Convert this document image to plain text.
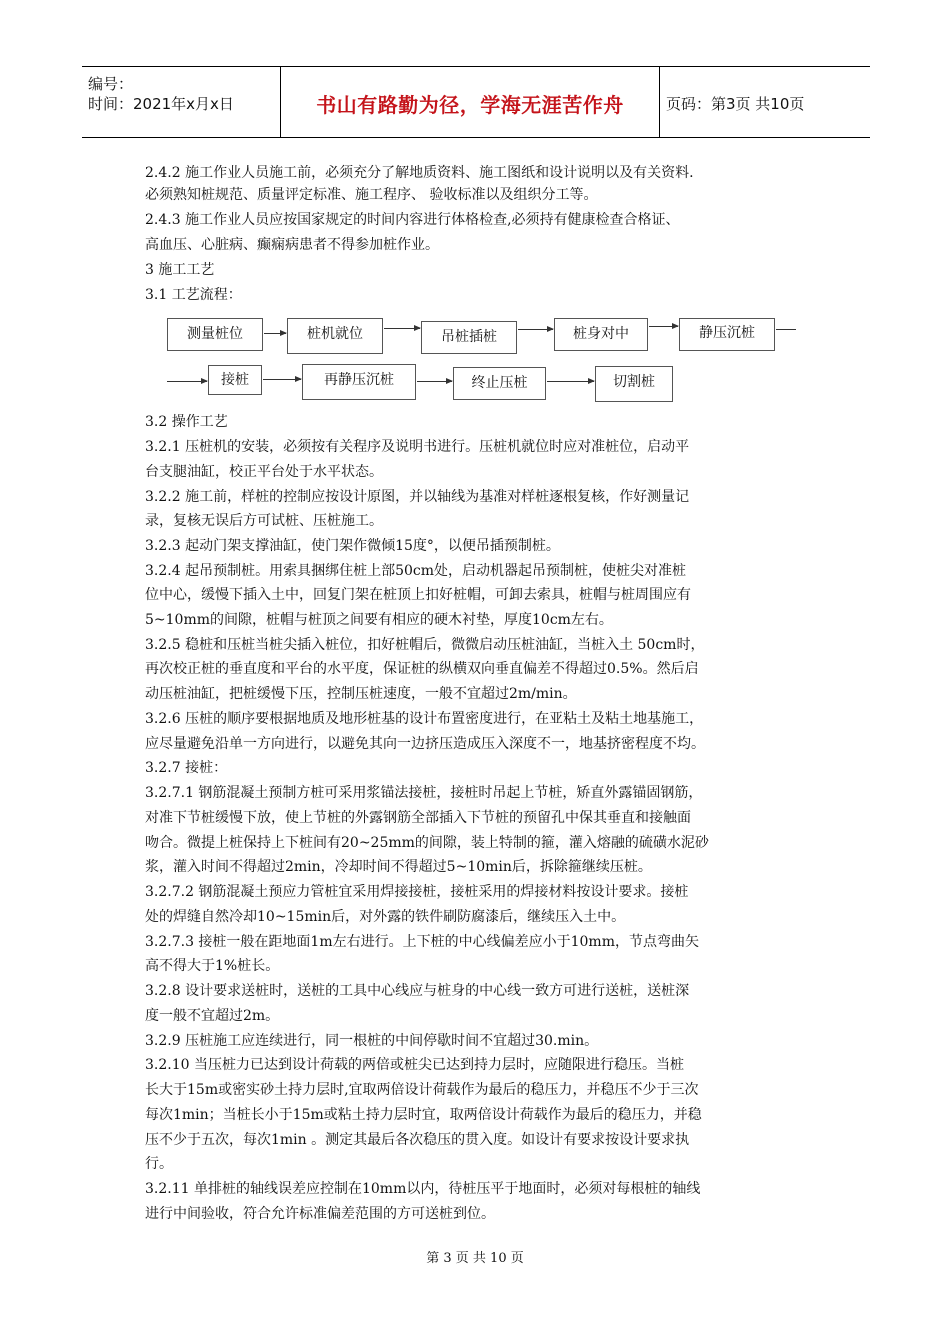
编号：
时间：2021年x月x日	书山有路勤为径，学海无涯苦作舟	页码：第3页 共10页
2.4.2 施工作业人员施工前，必须充分了解地质资料、施工图纸和设计说明以及有关资料.
必须熟知桩规范、质量评定标准、施工程序、 验收标准以及组织分工等。
2.4.3 施工作业人员应按国家规定的时间内容进行体格检查,必须持有健康检查合格证、
高血压、心脏病、癫痫病患者不得参加桩作业。
3 施工工艺
3.1 工艺流程：
测量桩位	桩机就位	吊桩插桩	桩身对中	静压沉桩
接桩	再静压沉桩	终止压桩	切割桩
3.2 操作工艺
3.2.1 压桩机的安装，必须按有关程序及说明书进行。压桩机就位时应对准桩位，启动平
台支腿油缸，校正平台处于水平状态。
3.2.2 施工前，样桩的控制应按设计原图，并以轴线为基准对样桩逐根复核，作好测量记
录，复核无误后方可试桩、压桩施工。
3.2.3 起动门架支撑油缸，使门架作微倾15度°，以便吊插预制桩。
3.2.4 起吊预制桩。用索具捆绑住桩上部50cm处，启动机器起吊预制桩，使桩尖对准桩
位中心，缓慢下插入土中，回复门架在桩顶上扣好桩帽，可卸去索具，桩帽与桩周围应有
5~10mm的间隙，桩帽与桩顶之间要有相应的硬木衬垫，厚度10cm左右。
3.2.5 稳桩和压桩当桩尖插入桩位，扣好桩帽后，微微启动压桩油缸，当桩入土 50cm时，
再次校正桩的垂直度和平台的水平度，保证桩的纵横双向垂直偏差不得超过0.5%。然后启
动压桩油缸，把桩缓慢下压，控制压桩速度，一般不宜超过2m/min。
3.2.6 压桩的顺序要根据地质及地形桩基的设计布置密度进行，在亚粘土及粘土地基施工，
应尽量避免沿单一方向进行，以避免其向一边挤压造成压入深度不一，地基挤密程度不均。
3.2.7 接桩：
3.2.7.1 钢筋混凝土预制方桩可采用浆锚法接桩，接桩时吊起上节桩，矫直外露锚固钢筋，
对准下节桩缓慢下放，使上节桩的外露钢筋全部插入下节桩的预留孔中保其垂直和接触面
吻合。微提上桩保持上下桩间有20~25mm的间隙，装上特制的箍，灌入熔融的硫磺水泥砂
浆，灌入时间不得超过2min，冷却时间不得超过5~10min后，拆除箍继续压桩。
3.2.7.2 钢筋混凝土预应力管桩宜采用焊接接桩，接桩采用的焊接材料按设计要求。接桩
处的焊缝自然冷却10~15min后，对外露的铁件刷防腐漆后，继续压入土中。
3.2.7.3 接桩一般在距地面1m左右进行。上下桩的中心线偏差应小于10mm，节点弯曲矢
高不得大于1%桩长。
3.2.8 设计要求送桩时，送桩的工具中心线应与桩身的中心线一致方可进行送桩，送桩深
度一般不宜超过2m。
3.2.9 压桩施工应连续进行，同一根桩的中间停歇时间不宜超过30.min。
3.2.10 当压桩力已达到设计荷载的两倍或桩尖已达到持力层时，应随限进行稳压。当桩
长大于15m或密实砂土持力层时,宜取两倍设计荷载作为最后的稳压力，并稳压不少于三次
每次1min；当桩长小于15m或粘土持力层时宜，取两倍设计荷载作为最后的稳压力，并稳
压不少于五次，每次1min 。测定其最后各次稳压的贯入度。如设计有要求按设计要求执
行。
3.2.11 单排桩的轴线误差应控制在10mm以内，待桩压平于地面时，必须对每根桩的轴线
进行中间验收，符合允许标准偏差范围的方可送桩到位。
第 3 页 共 10 页
